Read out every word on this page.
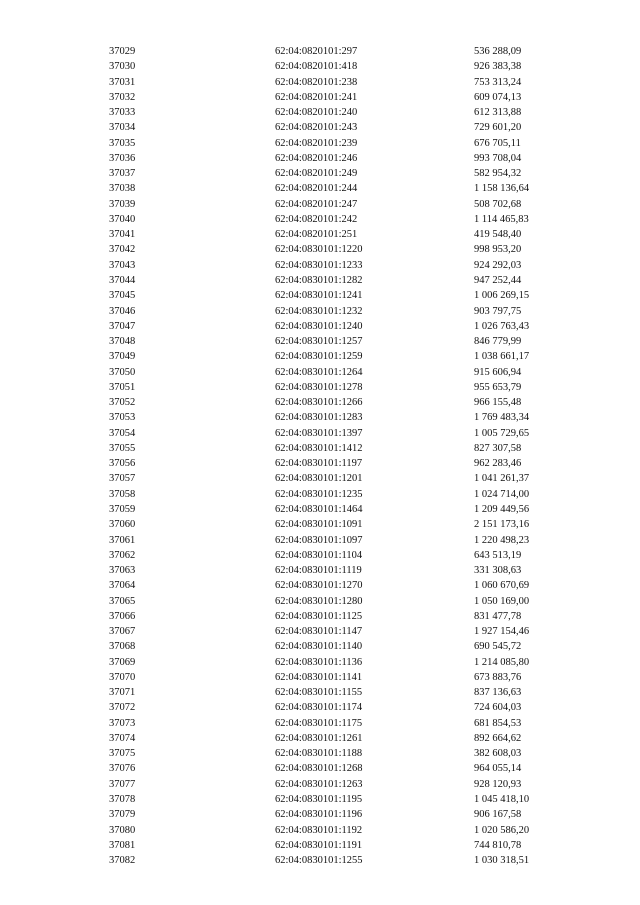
37029	62:04:0820101:297	536 288,09
37030	62:04:0820101:418	926 383,38
37031	62:04:0820101:238	753 313,24
37032	62:04:0820101:241	609 074,13
37033	62:04:0820101:240	612 313,88
37034	62:04:0820101:243	729 601,20
37035	62:04:0820101:239	676 705,11
37036	62:04:0820101:246	993 708,04
37037	62:04:0820101:249	582 954,32
37038	62:04:0820101:244	1 158 136,64
37039	62:04:0820101:247	508 702,68
37040	62:04:0820101:242	1 114 465,83
37041	62:04:0820101:251	419 548,40
37042	62:04:0830101:1220	998 953,20
37043	62:04:0830101:1233	924 292,03
37044	62:04:0830101:1282	947 252,44
37045	62:04:0830101:1241	1 006 269,15
37046	62:04:0830101:1232	903 797,75
37047	62:04:0830101:1240	1 026 763,43
37048	62:04:0830101:1257	846 779,99
37049	62:04:0830101:1259	1 038 661,17
37050	62:04:0830101:1264	915 606,94
37051	62:04:0830101:1278	955 653,79
37052	62:04:0830101:1266	966 155,48
37053	62:04:0830101:1283	1 769 483,34
37054	62:04:0830101:1397	1 005 729,65
37055	62:04:0830101:1412	827 307,58
37056	62:04:0830101:1197	962 283,46
37057	62:04:0830101:1201	1 041 261,37
37058	62:04:0830101:1235	1 024 714,00
37059	62:04:0830101:1464	1 209 449,56
37060	62:04:0830101:1091	2 151 173,16
37061	62:04:0830101:1097	1 220 498,23
37062	62:04:0830101:1104	643 513,19
37063	62:04:0830101:1119	331 308,63
37064	62:04:0830101:1270	1 060 670,69
37065	62:04:0830101:1280	1 050 169,00
37066	62:04:0830101:1125	831 477,78
37067	62:04:0830101:1147	1 927 154,46
37068	62:04:0830101:1140	690 545,72
37069	62:04:0830101:1136	1 214 085,80
37070	62:04:0830101:1141	673 883,76
37071	62:04:0830101:1155	837 136,63
37072	62:04:0830101:1174	724 604,03
37073	62:04:0830101:1175	681 854,53
37074	62:04:0830101:1261	892 664,62
37075	62:04:0830101:1188	382 608,03
37076	62:04:0830101:1268	964 055,14
37077	62:04:0830101:1263	928 120,93
37078	62:04:0830101:1195	1 045 418,10
37079	62:04:0830101:1196	906 167,58
37080	62:04:0830101:1192	1 020 586,20
37081	62:04:0830101:1191	744 810,78
37082	62:04:0830101:1255	1 030 318,51
